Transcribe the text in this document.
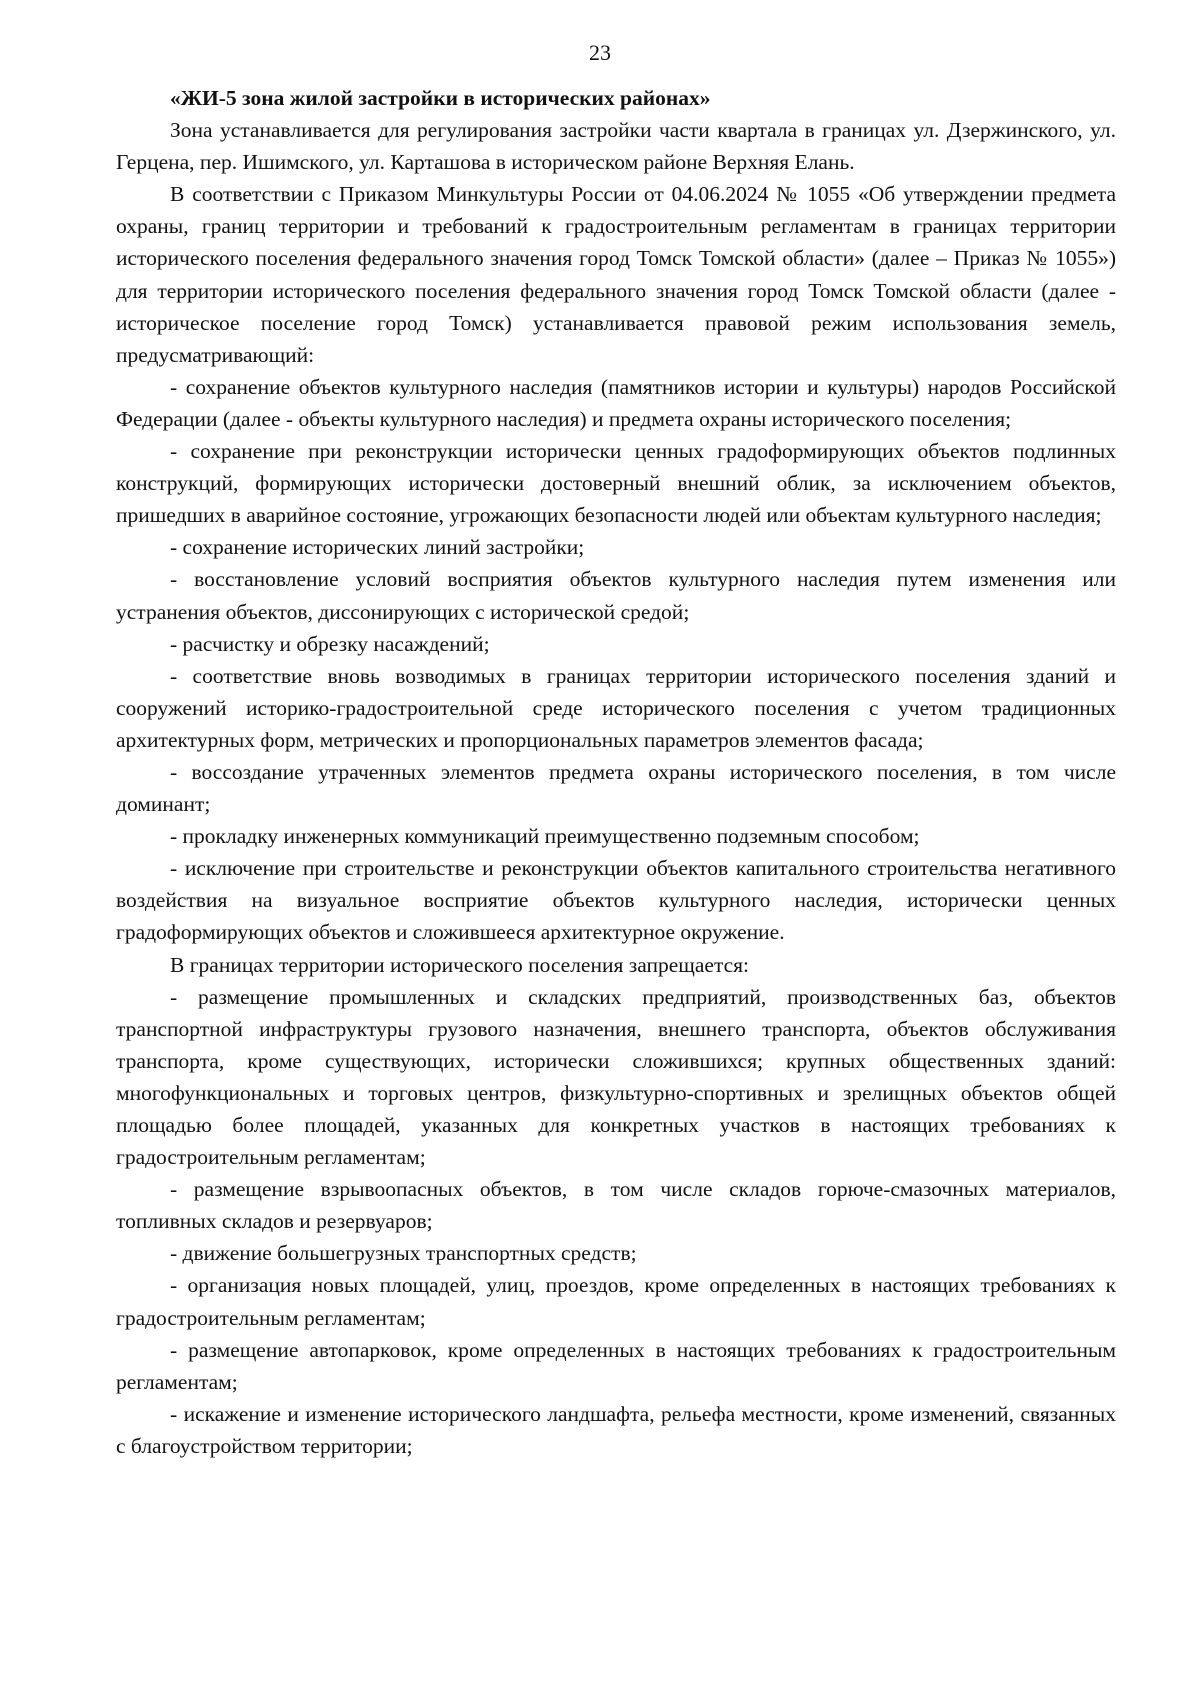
23

«ЖИ-5 зона жилой застройки в исторических районах»

Зона устанавливается для регулирования застройки части квартала в границах ул. Дзержинского, ул. Герцена, пер. Ишимского, ул. Карташова в историческом районе Верхняя Елань.

В соответствии с Приказом Минкультуры России от 04.06.2024 № 1055 «Об утверждении предмета охраны, границ территории и требований к градостроительным регламентам в границах территории исторического поселения федерального значения город Томск Томской области» (далее – Приказ № 1055») для территории исторического поселения федерального значения город Томск Томской области (далее - историческое поселение город Томск) устанавливается правовой режим использования земель, предусматривающий:

- сохранение объектов культурного наследия (памятников истории и культуры) народов Российской Федерации (далее - объекты культурного наследия) и предмета охраны исторического поселения;

- сохранение при реконструкции исторически ценных градоформирующих объектов подлинных конструкций, формирующих исторически достоверный внешний облик, за исключением объектов, пришедших в аварийное состояние, угрожающих безопасности людей или объектам культурного наследия;

- сохранение исторических линий застройки;

- восстановление условий восприятия объектов культурного наследия путем изменения или устранения объектов, диссонирующих с исторической средой;

- расчистку и обрезку насаждений;

- соответствие вновь возводимых в границах территории исторического поселения зданий и сооружений историко-градостроительной среде исторического поселения с учетом традиционных архитектурных форм, метрических и пропорциональных параметров элементов фасада;

- воссоздание утраченных элементов предмета охраны исторического поселения, в том числе доминант;

- прокладку инженерных коммуникаций преимущественно подземным способом;

- исключение при строительстве и реконструкции объектов капитального строительства негативного воздействия на визуальное восприятие объектов культурного наследия, исторически ценных градоформирующих объектов и сложившееся архитектурное окружение.

В границах территории исторического поселения запрещается:

- размещение промышленных и складских предприятий, производственных баз, объектов транспортной инфраструктуры грузового назначения, внешнего транспорта, объектов обслуживания транспорта, кроме существующих, исторически сложившихся; крупных общественных зданий: многофункциональных и торговых центров, физкультурно-спортивных и зрелищных объектов общей площадью более площадей, указанных для конкретных участков в настоящих требованиях к градостроительным регламентам;

- размещение взрывоопасных объектов, в том числе складов горюче-смазочных материалов, топливных складов и резервуаров;

- движение большегрузных транспортных средств;

- организация новых площадей, улиц, проездов, кроме определенных в настоящих требованиях к градостроительным регламентам;

- размещение автопарковок, кроме определенных в настоящих требованиях к градостроительным регламентам;

- искажение и изменение исторического ландшафта, рельефа местности, кроме изменений, связанных с благоустройством территории;
